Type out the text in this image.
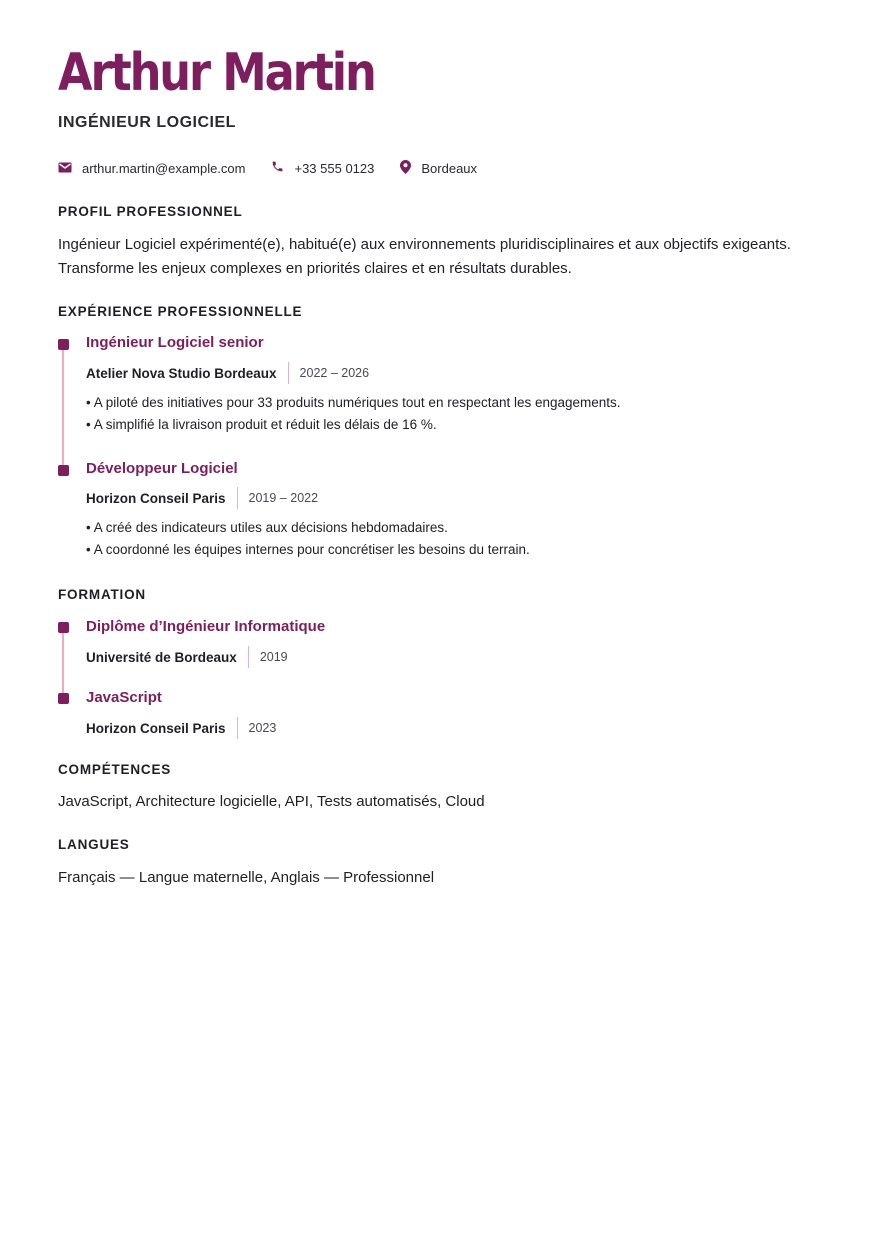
Arthur Martin
INGÉNIEUR LOGICIEL
arthur.martin@example.com	+33 555 0123	Bordeaux
PROFIL PROFESSIONNEL
Ingénieur Logiciel expérimenté(e), habitué(e) aux environnements pluridisciplinaires et aux objectifs exigeants.
Transforme les enjeux complexes en priorités claires et en résultats durables.
EXPÉRIENCE PROFESSIONNELLE
Ingénieur Logiciel senior
Atelier Nova Studio Bordeaux 2022 – 2026
• A piloté des initiatives pour 33 produits numériques tout en respectant les engagements.
• A simplifié la livraison produit et réduit les délais de 16 %.
Développeur Logiciel
Horizon Conseil Paris 2019 – 2022
• A créé des indicateurs utiles aux décisions hebdomadaires.
• A coordonné les équipes internes pour concrétiser les besoins du terrain.
FORMATION
Diplôme d’Ingénieur Informatique
Université de Bordeaux 2019
JavaScript
Horizon Conseil Paris 2023
COMPÉTENCES
JavaScript, Architecture logicielle, API, Tests automatisés, Cloud
LANGUES
Français — Langue maternelle, Anglais — Professionnel
